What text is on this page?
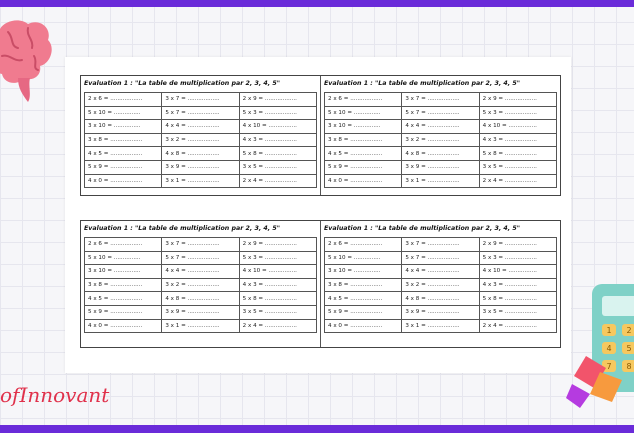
Evaluation 1 : "La table de multiplication par 2, 3, 4, 5"
2 x 6 = ..................	3 x 7 = ..................	2 x 9 = ..................
5 x 10 = ...............	5 x 7 = ..................	5 x 3 = ..................
3 x 10 = ...............	4 x 4 = ..................	4 x 10 = ................
3 x 8 = ..................	3 x 2 = ..................	4 x 3 = ..................
4 x 5 = ..................	4 x 8 = ..................	5 x 8 = ..................
5 x 9 = ..................	3 x 9 = ..................	3 x 5 = ..................
4 x 0 = ..................	3 x 1 = ..................	2 x 4 = ..................
Evaluation 1 : "La table de multiplication par 2, 3, 4, 5"
2 x 6 = ..................	3 x 7 = ..................	2 x 9 = ..................
5 x 10 = ...............	5 x 7 = ..................	5 x 3 = ..................
3 x 10 = ...............	4 x 4 = ..................	4 x 10 = ................
3 x 8 = ..................	3 x 2 = ..................	4 x 3 = ..................
4 x 5 = ..................	4 x 8 = ..................	5 x 8 = ..................
5 x 9 = ..................	3 x 9 = ..................	3 x 5 = ..................
4 x 0 = ..................	3 x 1 = ..................	2 x 4 = ..................
Evaluation 1 : "La table de multiplication par 2, 3, 4, 5"
2 x 6 = ..................	3 x 7 = ..................	2 x 9 = ..................
5 x 10 = ...............	5 x 7 = ..................	5 x 3 = ..................
3 x 10 = ...............	4 x 4 = ..................	4 x 10 = ................
3 x 8 = ..................	3 x 2 = ..................	4 x 3 = ..................
4 x 5 = ..................	4 x 8 = ..................	5 x 8 = ..................
5 x 9 = ..................	3 x 9 = ..................	3 x 5 = ..................
4 x 0 = ..................	3 x 1 = ..................	2 x 4 = ..................
Evaluation 1 : "La table de multiplication par 2, 3, 4, 5"
2 x 6 = ..................	3 x 7 = ..................	2 x 9 = ..................
5 x 10 = ...............	5 x 7 = ..................	5 x 3 = ..................
3 x 10 = ...............	4 x 4 = ..................	4 x 10 = ................
3 x 8 = ..................	3 x 2 = ..................	4 x 3 = ..................
4 x 5 = ..................	4 x 8 = ..................	5 x 8 = ..................
5 x 9 = ..................	3 x 9 = ..................	3 x 5 = ..................
4 x 0 = ..................	3 x 1 = ..................	2 x 4 = ..................
1 2
4 5
7 8
ofInnovant
